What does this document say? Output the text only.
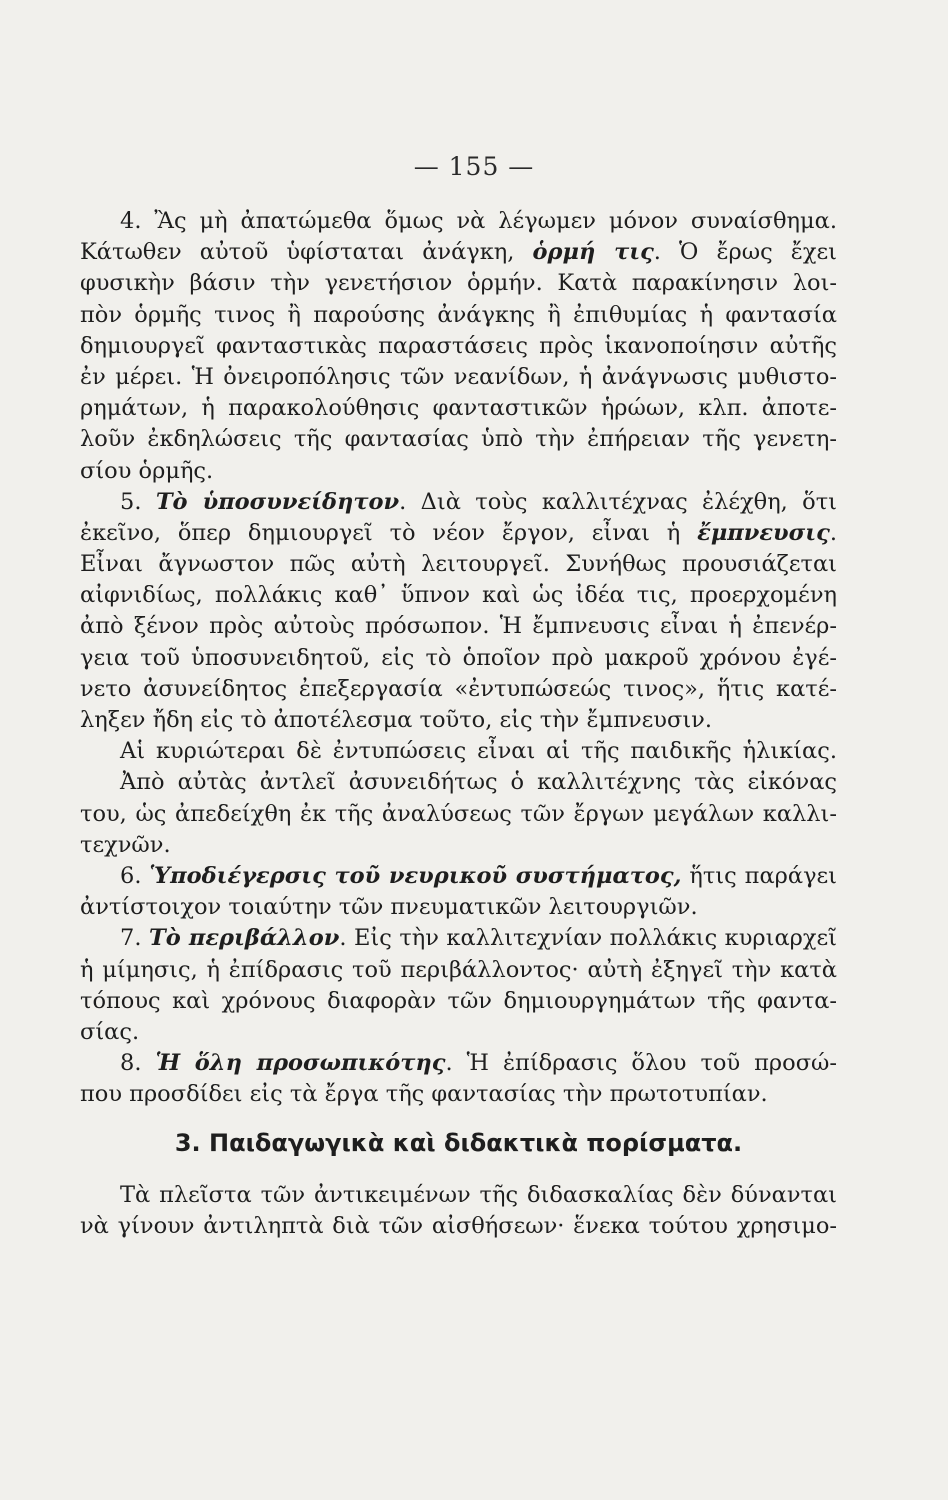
— 155 —
4. Ἂς μὴ ἀπατώμεθα ὅμως νὰ λέγωμεν μόνον συναίσθημα.
Κάτωθεν αὐτοῦ ὑφίσταται ἀνάγκη, ὁρμή τις. Ὁ ἔρως ἔχει
φυσικὴν βάσιν τὴν γενετήσιον ὁρμήν. Κατὰ παρακίνησιν λοι-
πὸν ὁρμῆς τινος ἢ παρούσης ἀνάγκης ἢ ἐπιθυμίας ἡ φαντασία
δημιουργεῖ φανταστικὰς παραστάσεις πρὸς ἱκανοποίησιν αὐτῆς
ἐν μέρει. Ἡ ὀνειροπόλησις τῶν νεανίδων, ἡ ἀνάγνωσις μυθιστο-
ρημάτων, ἡ παρακολούθησις φανταστικῶν ἡρώων, κλπ. ἀποτε-
λοῦν ἐκδηλώσεις τῆς φαντασίας ὑπὸ τὴν ἐπήρειαν τῆς γενετη-
σίου ὁρμῆς.
5. Τὸ ὑποσυνείδητον. Διὰ τοὺς καλλιτέχνας ἐλέχθη, ὅτι
ἐκεῖνο, ὅπερ δημιουργεῖ τὸ νέον ἔργον, εἶναι ἡ ἔμπνευσις.
Εἶναι ἄγνωστον πῶς αὐτὴ λειτουργεῖ. Συνήθως προυσιάζεται
αἰφνιδίως, πολλάκις καθ᾽ ὕπνον καὶ ὡς ἰδέα τις, προερχομένη
ἀπὸ ξένον πρὸς αὐτοὺς πρόσωπον. Ἡ ἔμπνευσις εἶναι ἡ ἐπενέρ-
γεια τοῦ ὑποσυνειδητοῦ, εἰς τὸ ὁποῖον πρὸ μακροῦ χρόνου ἐγέ-
νετο ἀσυνείδητος ἐπεξεργασία «ἐντυπώσεώς τινος», ἥτις κατέ-
ληξεν ἤδη εἰς τὸ ἀποτέλεσμα τοῦτο, εἰς τὴν ἔμπνευσιν.
Αἱ κυριώτεραι δὲ ἐντυπώσεις εἶναι αἱ τῆς παιδικῆς ἡλικίας.
Ἀπὸ αὐτὰς ἀντλεῖ ἀσυνειδήτως ὁ καλλιτέχνης τὰς εἰκόνας
του, ὡς ἀπεδείχθη ἐκ τῆς ἀναλύσεως τῶν ἔργων μεγάλων καλλι-
τεχνῶν.
6. Ὑποδιέγερσις τοῦ νευρικοῦ συστήματος, ἥτις παράγει
ἀντίστοιχον τοιαύτην τῶν πνευματικῶν λειτουργιῶν.
7. Τὸ περιβάλλον. Εἰς τὴν καλλιτεχνίαν πολλάκις κυριαρχεῖ
ἡ μίμησις, ἡ ἐπίδρασις τοῦ περιβάλλοντος· αὐτὴ ἐξηγεῖ τὴν κατὰ
τόπους καὶ χρόνους διαφορὰν τῶν δημιουργημάτων τῆς φαντα-
σίας.
8. Ἡ ὅλη προσωπικότης. Ἡ ἐπίδρασις ὅλου τοῦ προσώ-
που προσδίδει εἰς τὰ ἔργα τῆς φαντασίας τὴν πρωτοτυπίαν.
3. Παιδαγωγικὰ καὶ διδακτικὰ πορίσματα.
Τὰ πλεῖστα τῶν ἀντικειμένων τῆς διδασκαλίας δὲν δύνανται
νὰ γίνουν ἀντιληπτὰ διὰ τῶν αἰσθήσεων· ἕνεκα τούτου χρησιμο-
